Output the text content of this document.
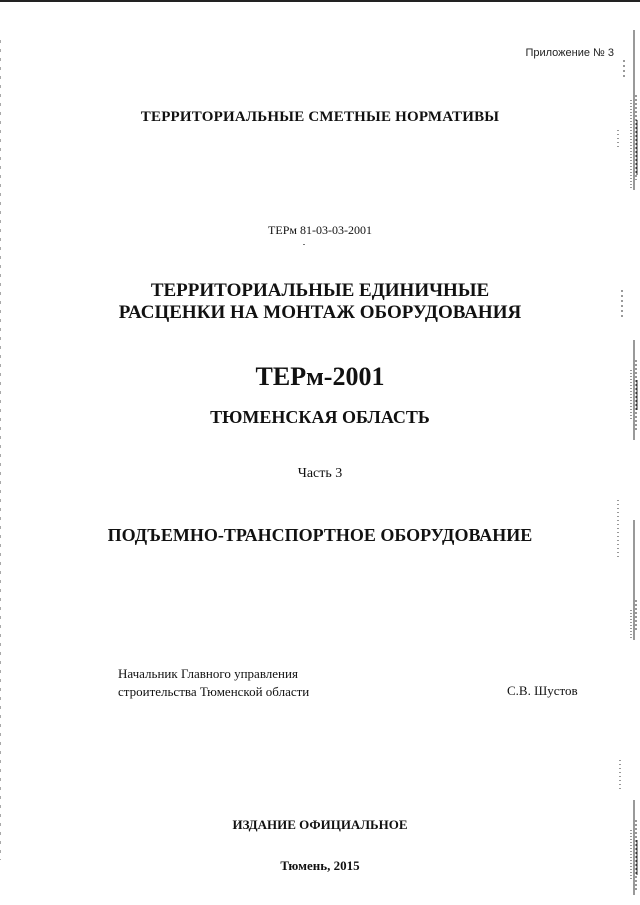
Приложение № 3
ТЕРРИТОРИАЛЬНЫЕ СМЕТНЫЕ НОРМАТИВЫ
ТЕРм 81-03-03-2001
ТЕРРИТОРИАЛЬНЫЕ ЕДИНИЧНЫЕ
РАСЦЕНКИ НА МОНТАЖ ОБОРУДОВАНИЯ
ТЕРм-2001
ТЮМЕНСКАЯ ОБЛАСТЬ
Часть 3
ПОДЪЕМНО-ТРАНСПОРТНОЕ ОБОРУДОВАНИЕ
Начальник Главного управления
строительства Тюменской области	С.В. Шустов
ИЗДАНИЕ ОФИЦИАЛЬНОЕ
Тюмень, 2015
